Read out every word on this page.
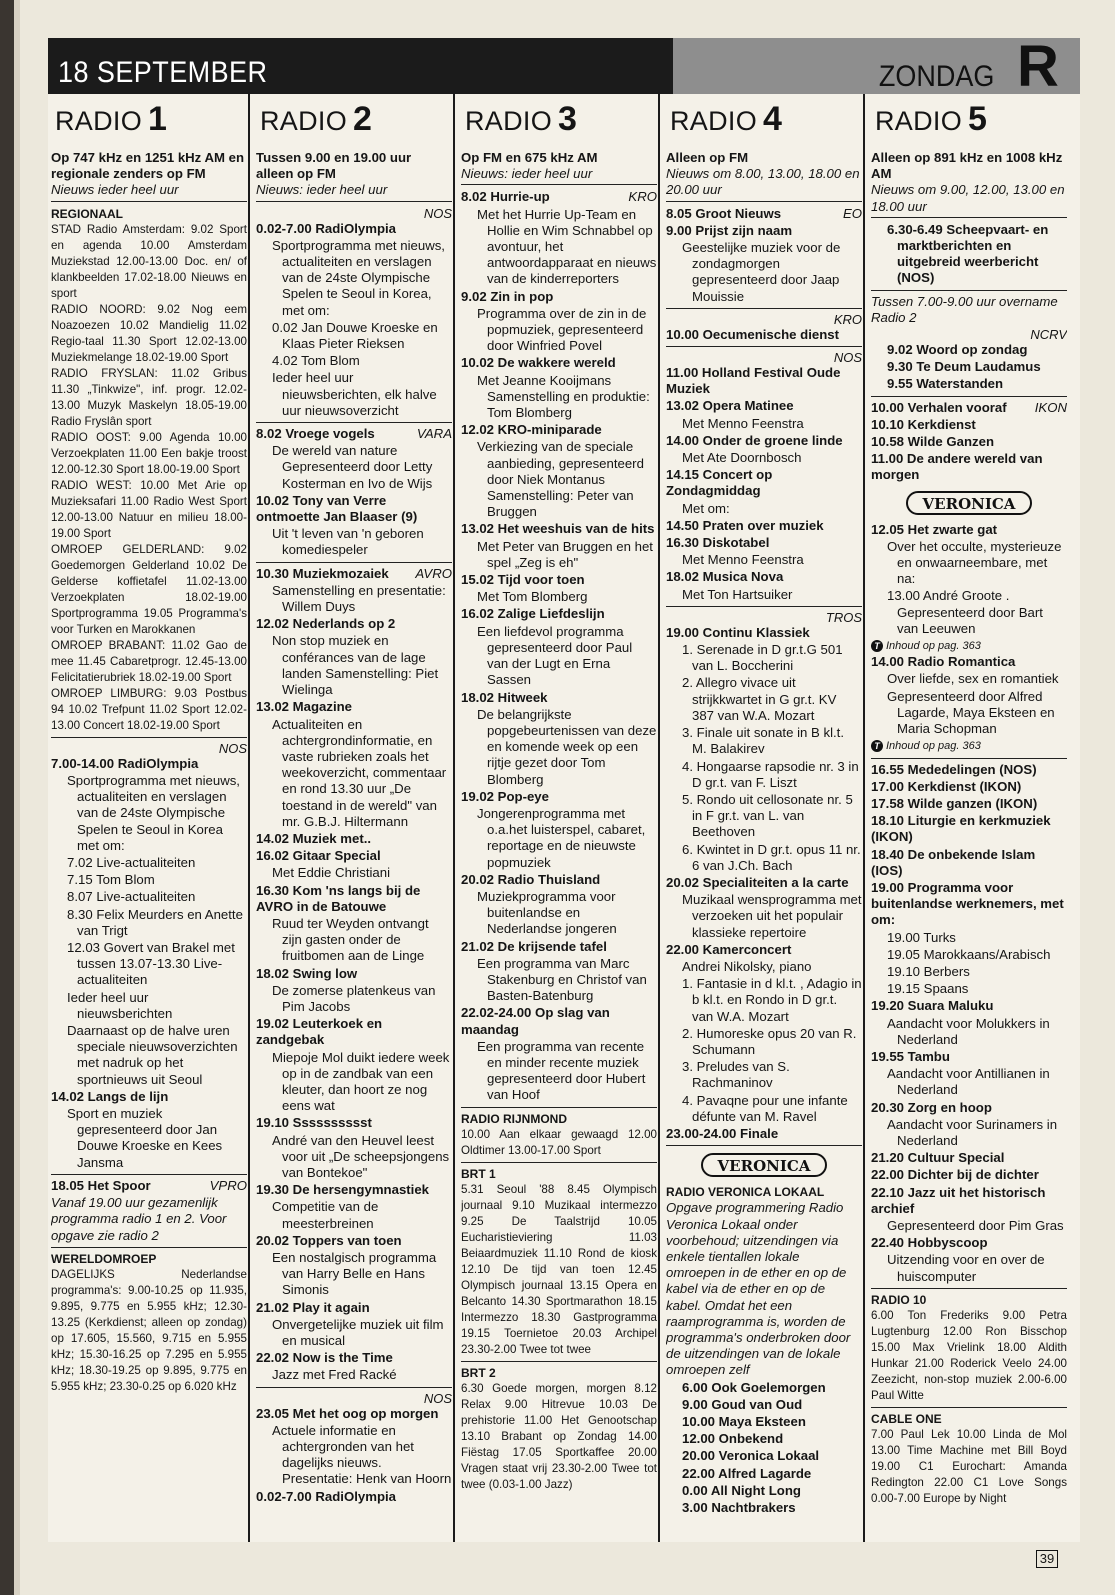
18 SEPTEMBER	ZONDAG R
RADIO 1
Op 747 kHz en 1251 kHz AM en regionale zenders op FM
Nieuws ieder heel uur
REGIONAAL
STAD Radio Amsterdam: 9.02 Sport en agenda 10.00 Amsterdam Muziekstad 12.00-13.00 Doc. en/ of klankbeelden 17.02-18.00 Nieuws en sport
RADIO NOORD: 9.02 Nog eem Noazoezen 10.02 Mandielig 11.02 Regio-taal 11.30 Sport 12.02-13.00 Muziekmelange 18.02-19.00 Sport
RADIO FRYSLAN: 11.02 Gribus 11.30 „Tinkwize", inf. progr. 12.02-13.00 Muzyk Maskelyn 18.05-19.00 Radio Fryslân sport
RADIO OOST: 9.00 Agenda 10.00 Verzoekplaten 11.00 Een bakje troost 12.00-12.30 Sport 18.00-19.00 Sport
RADIO WEST: 10.00 Met Arie op Muzieksafari 11.00 Radio West Sport 12.00-13.00 Natuur en milieu 18.00-19.00 Sport
OMROEP GELDERLAND: 9.02 Goedemorgen Gelderland 10.02 De Gelderse koffietafel 11.02-13.00 Verzoekplaten 18.02-19.00 Sportprogramma 19.05 Programma's voor Turken en Marokkanen
OMROEP BRABANT: 11.02 Gao de mee 11.45 Cabaretprogr. 12.45-13.00 Felicitatierubriek 18.02-19.00 Sport
OMROEP LIMBURG: 9.03 Postbus 94 10.02 Trefpunt 11.02 Sport 12.02-13.00 Concert 18.02-19.00 Sport
NOS
7.00-14.00 RadiOlympia
Sportprogramma met nieuws, actualiteiten en verslagen van de 24ste Olympische Spelen te Seoul in Korea met om:
7.02 Live-actualiteiten
7.15 Tom Blom
8.07 Live-actualiteiten
8.30 Felix Meurders en Anette van Trigt
12.03 Govert van Brakel met tussen 13.07-13.30 Live-actualiteiten
Ieder heel uur nieuwsberichten
Daarnaast op de halve uren speciale nieuwsoverzichten met nadruk op het sportnieuws uit Seoul
14.02 Langs de lijn
Sport en muziek gepresenteerd door Jan Douwe Kroeske en Kees Jansma
18.05 Het Spoor	VPRO
Vanaf 19.00 uur gezamenlijk programma radio 1 en 2. Voor opgave zie radio 2
WERELDOMROEP
DAGELIJKS Nederlandse programma's: 9.00-10.25 op 11.935, 9.895, 9.775 en 5.955 kHz; 12.30-13.25 (Kerkdienst; alleen op zondag) op 17.605, 15.560, 9.715 en 5.955 kHz; 15.30-16.25 op 7.295 en 5.955 kHz; 18.30-19.25 op 9.895, 9.775 en 5.955 kHz; 23.30-0.25 op 6.020 kHz
RADIO 2
Tussen 9.00 en 19.00 uur alleen op FM
Nieuws: ieder heel uur
NOS
0.02-7.00 RadiOlympia
Sportprogramma met nieuws, actualiteiten en verslagen van de 24ste Olympische Spelen te Seoul in Korea, met om:
0.02 Jan Douwe Kroeske en Klaas Pieter Rieksen
4.02 Tom Blom
Ieder heel uur nieuwsberichten, elk halve uur nieuwsoverzicht
8.02 Vroege vogels	VARA
De wereld van nature Gepresenteerd door Letty Kosterman en Ivo de Wijs
10.02 Tony van Verre ontmoette Jan Blaaser (9)
Uit 't leven van 'n geboren komediespeler
10.30 Muziekmozaiek AVRO
Samenstelling en presentatie: Willem Duys
12.02 Nederlands op 2
Non stop muziek en conférances van de lage landen Samenstelling: Piet Wielinga
13.02 Magazine
Actualiteiten en achtergrondinformatie, en vaste rubrieken zoals het weekoverzicht, commentaar en rond 13.30 uur „De toestand in de wereld" van mr. G.B.J. Hiltermann
14.02 Muziek met..
16.02 Gitaar Special
Met Eddie Christiani
16.30 Kom 'ns langs bij de AVRO in de Batouwe
Ruud ter Weyden ontvangt zijn gasten onder de fruitbomen aan de Linge
18.02 Swing low
De zomerse platenkeus van Pim Jacobs
19.02 Leuterkoek en zandgebak
Miepoje Mol duikt iedere week op in de zandbak van een kleuter, dan hoort ze nog eens wat
19.10 Sssssssssst
André van den Heuvel leest voor uit „De scheepsjongens van Bontekoe"
19.30 De hersengymnastiek
Competitie van de meesterbreinen
20.02 Toppers van toen
Een nostalgisch programma van Harry Belle en Hans Simonis
21.02 Play it again
Onvergetelijke muziek uit film en musical
22.02 Now is the Time
Jazz met Fred Racké
NOS
23.05 Met het oog op morgen
Actuele informatie en achtergronden van het dagelijks nieuws. Presentatie: Henk van Hoorn
0.02-7.00 RadiOlympia
RADIO 3
Op FM en 675 kHz AM
Nieuws: ieder heel uur
8.02 Hurrie-up	KRO
Met het Hurrie Up-Team en Hollie en Wim Schnabbel op avontuur, het antwoordapparaat en nieuws van de kinderreporters
9.02 Zin in pop
Programma over de zin in de popmuziek, gepresenteerd door Winfried Povel
10.02 De wakkere wereld
Met Jeanne Kooijmans Samenstelling en produktie: Tom Blomberg
12.02 KRO-miniparade
Verkiezing van de speciale aanbieding, gepresenteerd door Niek Montanus Samenstelling: Peter van Bruggen
13.02 Het weeshuis van de hits
Met Peter van Bruggen en het spel „Zeg is eh"
15.02 Tijd voor toen
Met Tom Blomberg
16.02 Zalige Liefdeslijn
Een liefdevol programma gepresenteerd door Paul van der Lugt en Erna Sassen
18.02 Hitweek
De belangrijkste popgebeurtenissen van deze en komende week op een rijtje gezet door Tom Blomberg
19.02 Pop-eye
Jongerenprogramma met o.a.het luisterspel, cabaret, reportage en de nieuwste popmuziek
20.02 Radio Thuisland
Muziekprogramma voor buitenlandse en Nederlandse jongeren
21.02 De krijsende tafel
Een programma van Marc Stakenburg en Christof van Basten-Batenburg
22.02-24.00 Op slag van maandag
Een programma van recente en minder recente muziek gepresenteerd door Hubert van Hoof
RADIO RIJNMOND
10.00 Aan elkaar gewaagd 12.00 Oldtimer 13.00-17.00 Sport
BRT 1
5.31 Seoul '88 8.45 Olympisch journaal 9.10 Muzikaal intermezzo 9.25 De Taalstrijd 10.05 Eucharistieviering 11.03 Beiaardmuziek 11.10 Rond de kiosk 12.10 De tijd van toen 12.45 Olympisch journaal 13.15 Opera en Belcanto 14.30 Sportmarathon 18.15 Intermezzo 18.30 Gastprogramma 19.15 Toernietoe 20.03 Archipel 23.30-2.00 Twee tot twee
BRT 2
6.30 Goede morgen, morgen 8.12 Relax 9.00 Hitrevue 10.03 De prehistorie 11.00 Het Genootschap 13.10 Brabant op Zondag 14.00 Fiëstag 17.05 Sportkaffee 20.00 Vragen staat vrij 23.30-2.00 Twee tot twee (0.03-1.00 Jazz)
RADIO 4
Alleen op FM
Nieuws om 8.00, 13.00, 18.00 en 20.00 uur
8.05 Groot Nieuws	EO
9.00 Prijst zijn naam
Geestelijke muziek voor de zondagmorgen gepresenteerd door Jaap Mouissie
KRO
10.00 Oecumenische dienst
NOS
11.00 Holland Festival Oude Muziek
13.02 Opera Matinee
Met Menno Feenstra
14.00 Onder de groene linde
Met Ate Doornbosch
14.15 Concert op Zondagmiddag
Met om:
14.50 Praten over muziek
16.30 Diskotabel
Met Menno Feenstra
18.02 Musica Nova
Met Ton Hartsuiker
TROS
19.00 Continu Klassiek
1. Serenade in D gr.t.G 501 van L. Boccherini
2. Allegro vivace uit strijkkwartet in G gr.t. KV 387 van W.A. Mozart
3. Finale uit sonate in B kl.t. M. Balakirev
4. Hongaarse rapsodie nr. 3 in D gr.t. van F. Liszt
5. Rondo uit cellosonate nr. 5 in F gr.t. van L. van Beethoven
6. Kwintet in D gr.t. opus 11 nr. 6 van J.Ch. Bach
20.02 Specialiteiten a la carte
Muzikaal wensprogramma met verzoeken uit het populair klassieke repertoire
22.00 Kamerconcert
Andrei Nikolsky, piano
1. Fantasie in d kl.t. , Adagio in b kl.t. en Rondo in D gr.t. van W.A. Mozart
2. Humoreske opus 20 van R. Schumann
3. Preludes van S. Rachmaninov
4. Pavaqne pour une infante défunte van M. Ravel
23.00-24.00 Finale
VERONICA
RADIO VERONICA LOKAAL
Opgave programmering Radio Veronica Lokaal onder voorbehoud; uitzendingen via enkele tientallen lokale omroepen in de ether en op de kabel via de ether en op de kabel. Omdat het een raamprogramma is, worden de programma's onderbroken door de uitzendingen van de lokale omroepen zelf
6.00 Ook Goelemorgen
9.00 Goud van Oud
10.00 Maya Eksteen
12.00 Onbekend
20.00 Veronica Lokaal
22.00 Alfred Lagarde
0.00 All Night Long
3.00 Nachtbrakers
RADIO 5
Alleen op 891 kHz en 1008 kHz AM
Nieuws om 9.00, 12.00, 13.00 en 18.00 uur
6.30-6.49 Scheepvaart- en marktberichten en uitgebreid weerbericht (NOS)
Tussen 7.00-9.00 uur overname Radio 2
NCRV
9.02 Woord op zondag
9.30 Te Deum Laudamus
9.55 Waterstanden
10.00 Verhalen vooraf IKON
10.10 Kerkdienst
10.58 Wilde Ganzen
11.00 De andere wereld van morgen
VERONICA
12.05 Het zwarte gat
Over het occulte, mysterieuze en onwaarneembare, met na:
13.00 André Groote . Gepresenteerd door Bart van Leeuwen
T Inhoud op pag. 363
14.00 Radio Romantica
Over liefde, sex en romantiek
Gepresenteerd door Alfred Lagarde, Maya Eksteen en Maria Schopman
T Inhoud op pag. 363
16.55 Mededelingen (NOS)
17.00 Kerkdienst (IKON)
17.58 Wilde ganzen (IKON)
18.10 Liturgie en kerkmuziek (IKON)
18.40 De onbekende Islam (IOS)
19.00 Programma voor buitenlandse werknemers, met om:
19.00 Turks
19.05 Marokkaans/Arabisch
19.10 Berbers
19.15 Spaans
19.20 Suara Maluku
Aandacht voor Molukkers in Nederland
19.55 Tambu
Aandacht voor Antillianen in Nederland
20.30 Zorg en hoop
Aandacht voor Surinamers in Nederland
21.20 Cultuur Special
22.00 Dichter bij de dichter
22.10 Jazz uit het historisch archief
Gepresenteerd door Pim Gras
22.40 Hobbyscoop
Uitzending voor en over de huiscomputer
RADIO 10
6.00 Ton Frederiks 9.00 Petra Lugtenburg 12.00 Ron Bisschop 15.00 Max Vrielink 18.00 Aldith Hunkar 21.00 Roderick Veelo 24.00 Zeezicht, non-stop muziek 2.00-6.00 Paul Witte
CABLE ONE
7.00 Paul Lek 10.00 Linda de Mol 13.00 Time Machine met Bill Boyd 19.00 C1 Eurochart: Amanda Redington 22.00 C1 Love Songs 0.00-7.00 Europe by Night
39
